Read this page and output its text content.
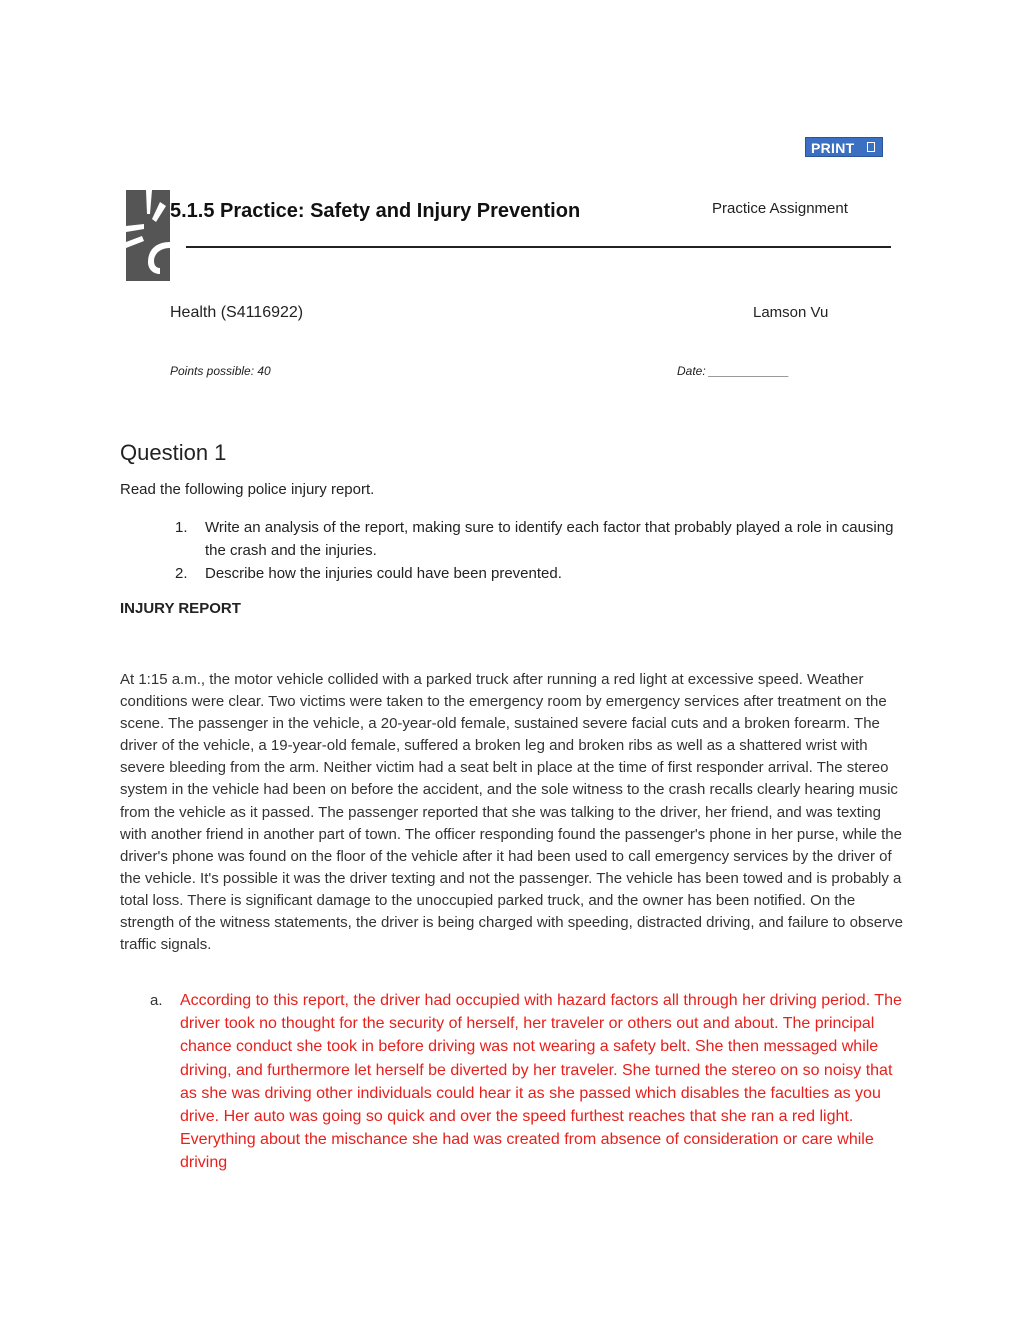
PRINT
5.1.5 Practice: Safety and Injury Prevention	Practice Assignment
Health (S4116922)	Lamson Vu
Points possible: 40	Date: ____________
Question 1
Read the following police injury report.
1.	Write an analysis of the report, making sure to identify each factor that probably played a role in causing the crash and the injuries.
2.	Describe how the injuries could have been prevented.
INJURY REPORT

At 1:15 a.m., the motor vehicle collided with a parked truck after running a red light at excessive speed. Weather conditions were clear. Two victims were taken to the emergency room by emergency services after treatment on the scene. The passenger in the vehicle, a 20-year-old female, sustained severe facial cuts and a broken forearm. The driver of the vehicle, a 19-year-old female, suffered a broken leg and broken ribs as well as a shattered wrist with severe bleeding from the arm. Neither victim had a seat belt in place at the time of first responder arrival. The stereo system in the vehicle had been on before the accident, and the sole witness to the crash recalls clearly hearing music from the vehicle as it passed. The passenger reported that she was talking to the driver, her friend, and was texting with another friend in another part of town. The officer responding found the passenger's phone in her purse, while the driver's phone was found on the floor of the vehicle after it had been used to call emergency services by the driver of the vehicle. It's possible it was the driver texting and not the passenger. The vehicle has been towed and is probably a total loss. There is significant damage to the unoccupied parked truck, and the owner has been notified. On the strength of the witness statements, the driver is being charged with speeding, distracted driving, and failure to observe traffic signals.

a.	According to this report, the driver had occupied with hazard factors all through her driving period. The driver took no thought for the security of herself, her traveler or others out and about. The principal chance conduct she took in before driving was not wearing a safety belt. She then messaged while driving, and furthermore let herself be diverted by her traveler. She turned the stereo on so noisy that as she was driving other individuals could hear it as she passed which disables the faculties as you drive. Her auto was going so quick and over the speed furthest reaches that she ran a red light. Everything about the mischance she had was created from absence of consideration or care while driving
